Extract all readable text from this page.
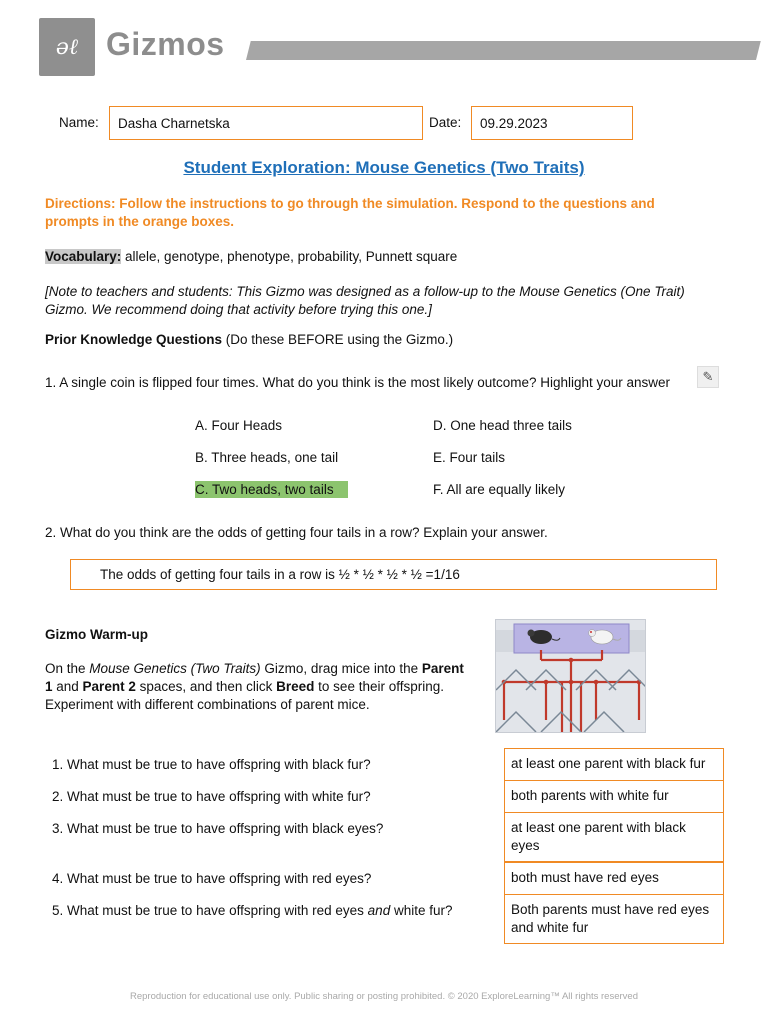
əℓ Gizmos
Name:	Dasha Charnetska	Date:	09.29.2023
Student Exploration: Mouse Genetics (Two Traits)
Directions: Follow the instructions to go through the simulation. Respond to the questions and prompts in the orange boxes.
Vocabulary: allele, genotype, phenotype, probability, Punnett square
[Note to teachers and students: This Gizmo was designed as a follow-up to the Mouse Genetics (One Trait) Gizmo. We recommend doing that activity before trying this one.]
Prior Knowledge Questions (Do these BEFORE using the Gizmo.)
1. A single coin is flipped four times. What do you think is the most likely outcome? Highlight your answer	✎
A. Four Heads	D. One head three tails
B. Three heads, one tail	E. Four tails
C. Two heads, two tails	F. All are equally likely
2. What do you think are the odds of getting four tails in a row? Explain your answer.
The odds of getting four tails in a row is ½ * ½ * ½ * ½ =1/16
Gizmo Warm-up
On the Mouse Genetics (Two Traits) Gizmo, drag mice into the Parent 1 and Parent 2 spaces, and then click Breed to see their offspring. Experiment with different combinations of parent mice.
1. What must be true to have offspring with black fur?	at least one parent with black fur
2. What must be true to have offspring with white fur?	both parents with white fur
3. What must be true to have offspring with black eyes?	at least one parent with black eyes
4. What must be true to have offspring with red eyes?	both must have red eyes
5. What must be true to have offspring with red eyes and white fur?	Both parents must have red eyes and white fur
Reproduction for educational use only. Public sharing or posting prohibited. © 2020 ExploreLearning™ All rights reserved
